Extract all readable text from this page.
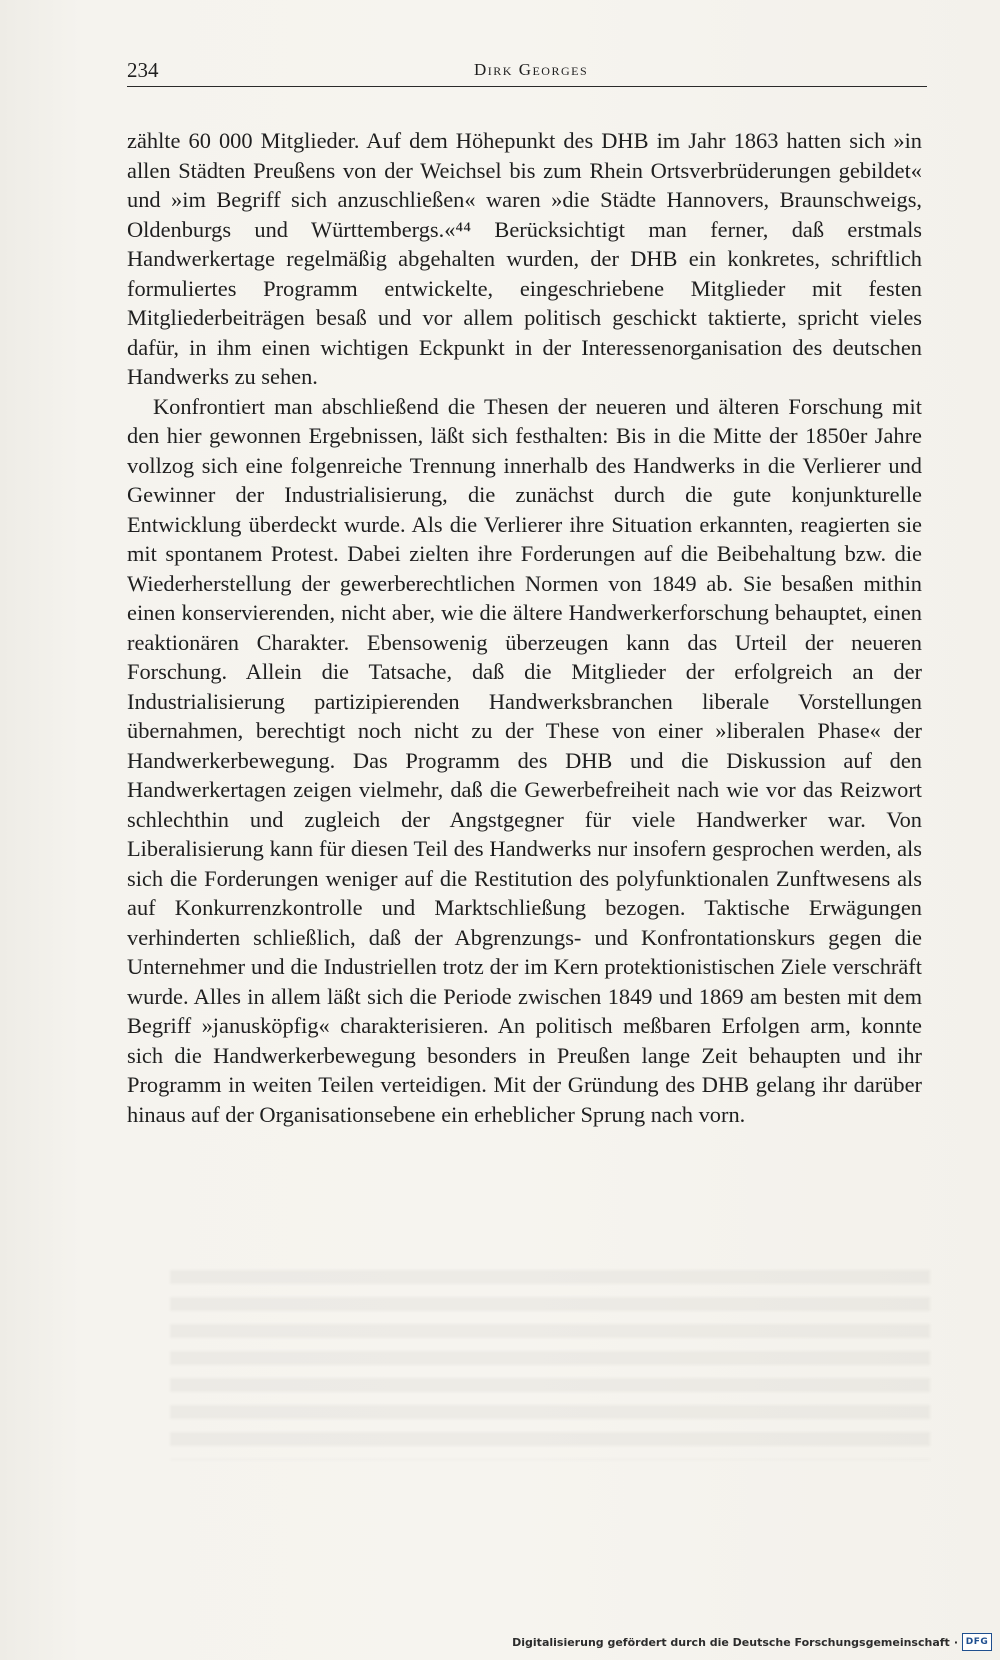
234	Dirk Georges

zählte 60 000 Mitglieder. Auf dem Höhepunkt des DHB im Jahr 1863 hatten sich »in allen Städten Preußens von der Weichsel bis zum Rhein Ortsverbrüderungen gebildet« und »im Begriff sich anzuschließen« waren »die Städte Hannovers, Braunschweigs, Oldenburgs und Württembergs.«⁴⁴ Berücksichtigt man ferner, daß erstmals Handwerkertage regelmäßig abgehalten wurden, der DHB ein konkretes, schriftlich formuliertes Programm entwickelte, eingeschriebene Mitglieder mit festen Mitgliederbeiträgen besaß und vor allem politisch geschickt taktierte, spricht vieles dafür, in ihm einen wichtigen Eckpunkt in der Interessenorganisation des deutschen Handwerks zu sehen.

Konfrontiert man abschließend die Thesen der neueren und älteren Forschung mit den hier gewonnen Ergebnissen, läßt sich festhalten: Bis in die Mitte der 1850er Jahre vollzog sich eine folgenreiche Trennung innerhalb des Handwerks in die Verlierer und Gewinner der Industrialisierung, die zunächst durch die gute konjunkturelle Entwicklung überdeckt wurde. Als die Verlierer ihre Situation erkannten, reagierten sie mit spontanem Protest. Dabei zielten ihre Forderungen auf die Beibehaltung bzw. die Wiederherstellung der gewerberechtlichen Normen von 1849 ab. Sie besaßen mithin einen konservierenden, nicht aber, wie die ältere Handwerkerforschung behauptet, einen reaktionären Charakter. Ebensowenig überzeugen kann das Urteil der neueren Forschung. Allein die Tatsache, daß die Mitglieder der erfolgreich an der Industrialisierung partizipierenden Handwerksbranchen liberale Vorstellungen übernahmen, berechtigt noch nicht zu der These von einer »liberalen Phase« der Handwerkerbewegung. Das Programm des DHB und die Diskussion auf den Handwerkertagen zeigen vielmehr, daß die Gewerbefreiheit nach wie vor das Reizwort schlechthin und zugleich der Angstgegner für viele Handwerker war. Von Liberalisierung kann für diesen Teil des Handwerks nur insofern gesprochen werden, als sich die Forderungen weniger auf die Restitution des polyfunktionalen Zunftwesens als auf Konkurrenzkontrolle und Marktschließung bezogen. Taktische Erwägungen verhinderten schließlich, daß der Abgrenzungs- und Konfrontationskurs gegen die Unternehmer und die Industriellen trotz der im Kern protektionistischen Ziele verschräft wurde. Alles in allem läßt sich die Periode zwischen 1849 und 1869 am besten mit dem Begriff »janusköpfig« charakterisieren. An politisch meßbaren Erfolgen arm, konnte sich die Handwerkerbewegung besonders in Preußen lange Zeit behaupten und ihr Programm in weiten Teilen verteidigen. Mit der Gründung des DHB gelang ihr darüber hinaus auf der Organisationsebene ein erheblicher Sprung nach vorn.

Digitalisierung gefördert durch die Deutsche Forschungsgemeinschaft · DFG
